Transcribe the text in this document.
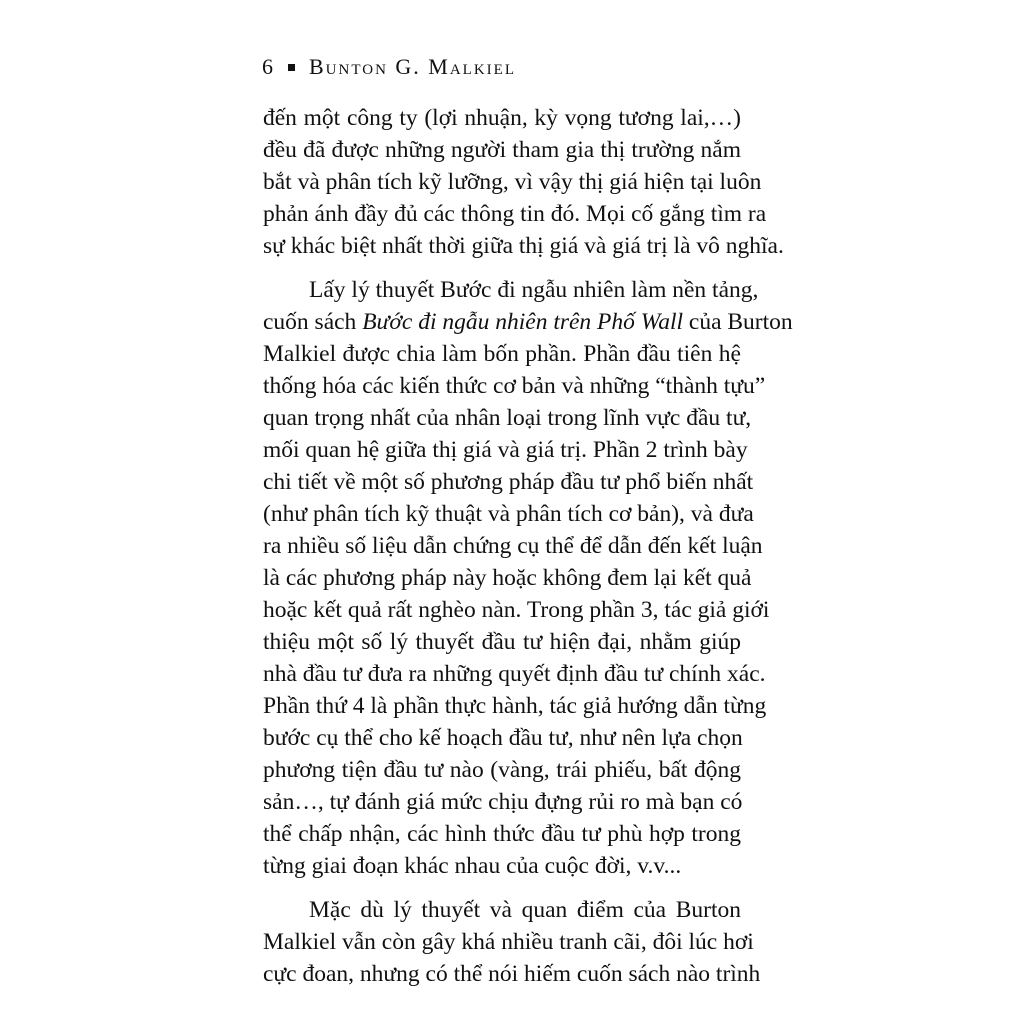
6 Bunton G. Malkiel
đến một công ty (lợi nhuận, kỳ vọng tương lai,…)
đều đã được những người tham gia thị trường nắm
bắt và phân tích kỹ lưỡng, vì vậy thị giá hiện tại luôn
phản ánh đầy đủ các thông tin đó. Mọi cố gắng tìm ra
sự khác biệt nhất thời giữa thị giá và giá trị là vô nghĩa.
Lấy lý thuyết Bước đi ngẫu nhiên làm nền tảng,
cuốn sách Bước đi ngẫu nhiên trên Phố Wall của Burton
Malkiel được chia làm bốn phần. Phần đầu tiên hệ
thống hóa các kiến thức cơ bản và những “thành tựu”
quan trọng nhất của nhân loại trong lĩnh vực đầu tư,
mối quan hệ giữa thị giá và giá trị. Phần 2 trình bày
chi tiết về một số phương pháp đầu tư phổ biến nhất
(như phân tích kỹ thuật và phân tích cơ bản), và đưa
ra nhiều số liệu dẫn chứng cụ thể để dẫn đến kết luận
là các phương pháp này hoặc không đem lại kết quả
hoặc kết quả rất nghèo nàn. Trong phần 3, tác giả giới
thiệu một số lý thuyết đầu tư hiện đại, nhằm giúp
nhà đầu tư đưa ra những quyết định đầu tư chính xác.
Phần thứ 4 là phần thực hành, tác giả hướng dẫn từng
bước cụ thể cho kế hoạch đầu tư, như nên lựa chọn
phương tiện đầu tư nào (vàng, trái phiếu, bất động
sản…, tự đánh giá mức chịu đựng rủi ro mà bạn có
thể chấp nhận, các hình thức đầu tư phù hợp trong
từng giai đoạn khác nhau của cuộc đời, v.v...
Mặc dù lý thuyết và quan điểm của Burton
Malkiel vẫn còn gây khá nhiều tranh cãi, đôi lúc hơi
cực đoan, nhưng có thể nói hiếm cuốn sách nào trình
